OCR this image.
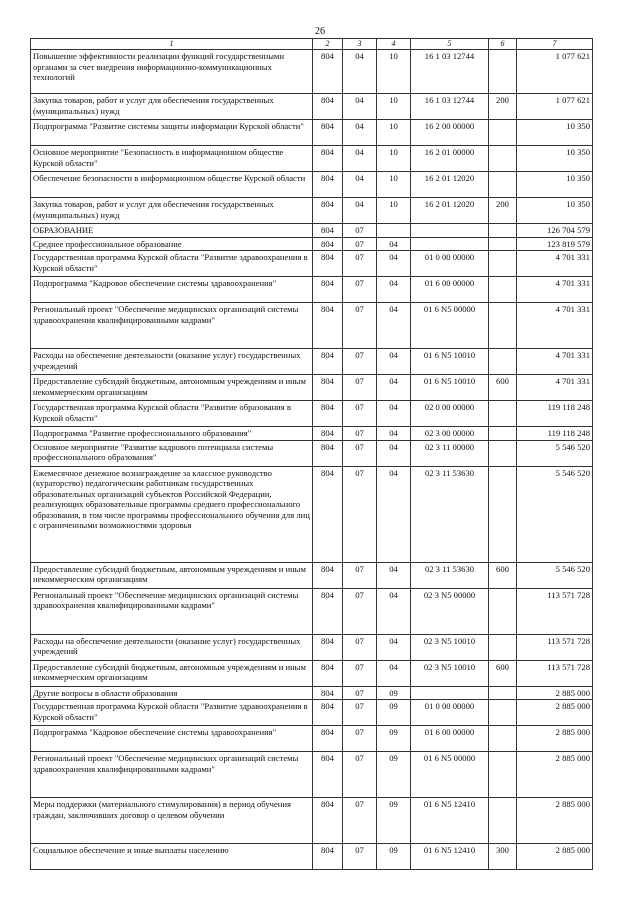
26
1	2	3	4	5	6	7
Повышение эффективности реализации функций государственными органами за счет внедрения информационно-коммуникационных технологий	804	04	10	16 1 03 12744		1 077 621
Закупка товаров, работ и услуг для обеспечения государственных (муниципальных) нужд	804	04	10	16 1 03 12744	200	1 077 621
Подпрограмма "Развитие системы защиты информации Курской области"	804	04	10	16 2 00 00000		10 350
Основное мероприятие "Безопасность в информационном обществе Курской области"	804	04	10	16 2 01 00000		10 350
Обеспечение безопасности в информационном обществе Курской области	804	04	10	16 2 01 12020		10 350
Закупка товаров, работ и услуг для обеспечения государственных (муниципальных) нужд	804	04	10	16 2 01 12020	200	10 350
ОБРАЗОВАНИЕ	804	07				126 704 579
Среднее профессиональное образование	804	07	04			123 819 579
Государственная программа Курской области "Развитие здравоохранения в Курской области"	804	07	04	01 0 00 00000		4 701 331
Подпрограмма "Кадровое обеспечение системы здравоохранения"	804	07	04	01 6 00 00000		4 701 331
Региональный проект "Обеспечение медицинских организаций системы здравоохранения квалифицированными кадрами"	804	07	04	01 6 N5 00000		4 701 331
Расходы на обеспечение деятельности (оказание услуг) государственных учреждений	804	07	04	01 6 N5 10010		4 701 331
Предоставление субсидий бюджетным, автономным учреждениям и иным некоммерческим организациям	804	07	04	01 6 N5 10010	600	4 701 331
Государственная программа Курской области "Развитие образования в Курской области"	804	07	04	02 0 00 00000		119 118 248
Подпрограмма "Развитие профессионального образования"	804	07	04	02 3 00 00000		119 118 248
Основное мероприятие "Развитие кадрового потенциала системы профессионального образования"	804	07	04	02 3 11 00000		5 546 520
Ежемесячное денежное вознаграждение за классное руководство (кураторство) педагогическим работникам государственных образовательных организаций субъектов Российской Федерации, реализующих образовательные программы среднего профессионального образования, в том числе программы профессионального обучения для лиц с ограниченными возможностями здоровья	804	07	04	02 3 11 53630		5 546 520
Предоставление субсидий бюджетным, автономным учреждениям и иным некоммерческим организациям	804	07	04	02 3 11 53630	600	5 546 520
Региональный проект "Обеспечение медицинских организаций системы здравоохранения квалифицированными кадрами"	804	07	04	02 3 N5 00000		113 571 728
Расходы на обеспечение деятельности (оказание услуг) государственных учреждений	804	07	04	02 3 N5 10010		113 571 728
Предоставление субсидий бюджетным, автономным учреждениям и иным некоммерческим организациям	804	07	04	02 3 N5 10010	600	113 571 728
Другие вопросы в области образования	804	07	09			2 885 000
Государственная программа Курской области "Развитие здравоохранения в Курской области"	804	07	09	01 0 00 00000		2 885 000
Подпрограмма "Кадровое обеспечение системы здравоохранения"	804	07	09	01 6 00 00000		2 885 000
Региональный проект "Обеспечение медицинских организаций системы здравоохранения квалифицированными кадрами"	804	07	09	01 6 N5 00000		2 885 000
Меры поддержки (материального стимулирования) в период обучения граждан, заключивших договор о целевом обучении	804	07	09	01 6 N5 12410		2 885 000
Социальное обеспечение и иные выплаты населению	804	07	09	01 6 N5 12410	300	2 885 000
